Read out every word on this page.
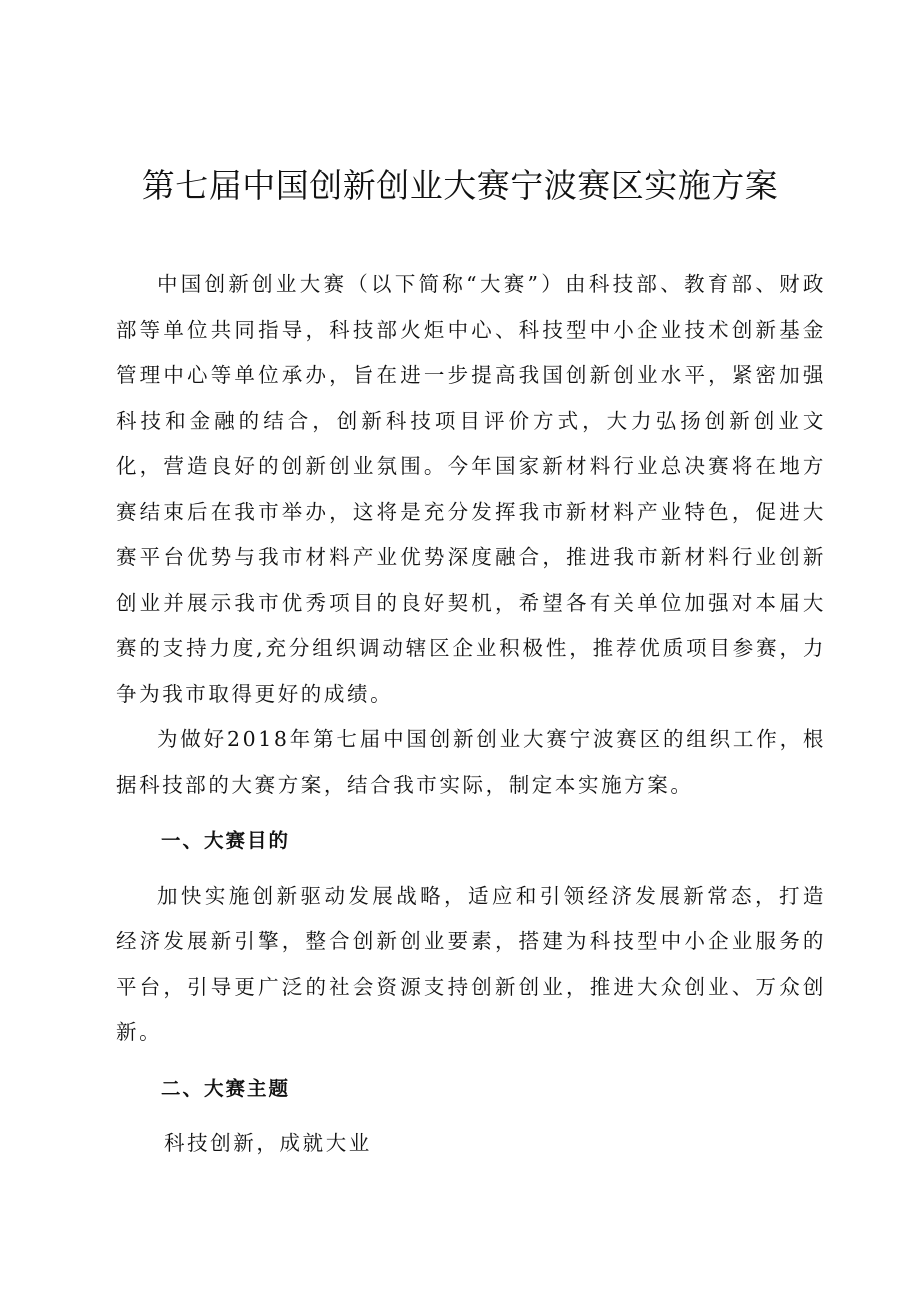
第七届中国创新创业大赛宁波赛区实施方案

中国创新创业大赛（以下简称“大赛”）由科技部、教育部、财政部等单位共同指导，科技部火炬中心、科技型中小企业技术创新基金管理中心等单位承办，旨在进一步提高我国创新创业水平，紧密加强科技和金融的结合，创新科技项目评价方式，大力弘扬创新创业文化，营造良好的创新创业氛围。今年国家新材料行业总决赛将在地方赛结束后在我市举办，这将是充分发挥我市新材料产业特色，促进大赛平台优势与我市材料产业优势深度融合，推进我市新材料行业创新创业并展示我市优秀项目的良好契机，希望各有关单位加强对本届大赛的支持力度,充分组织调动辖区企业积极性，推荐优质项目参赛，力争为我市取得更好的成绩。

为做好2018年第七届中国创新创业大赛宁波赛区的组织工作，根据科技部的大赛方案，结合我市实际，制定本实施方案。

一、大赛目的

加快实施创新驱动发展战略，适应和引领经济发展新常态，打造经济发展新引擎，整合创新创业要素，搭建为科技型中小企业服务的平台，引导更广泛的社会资源支持创新创业，推进大众创业、万众创新。

二、大赛主题

科技创新，成就大业
